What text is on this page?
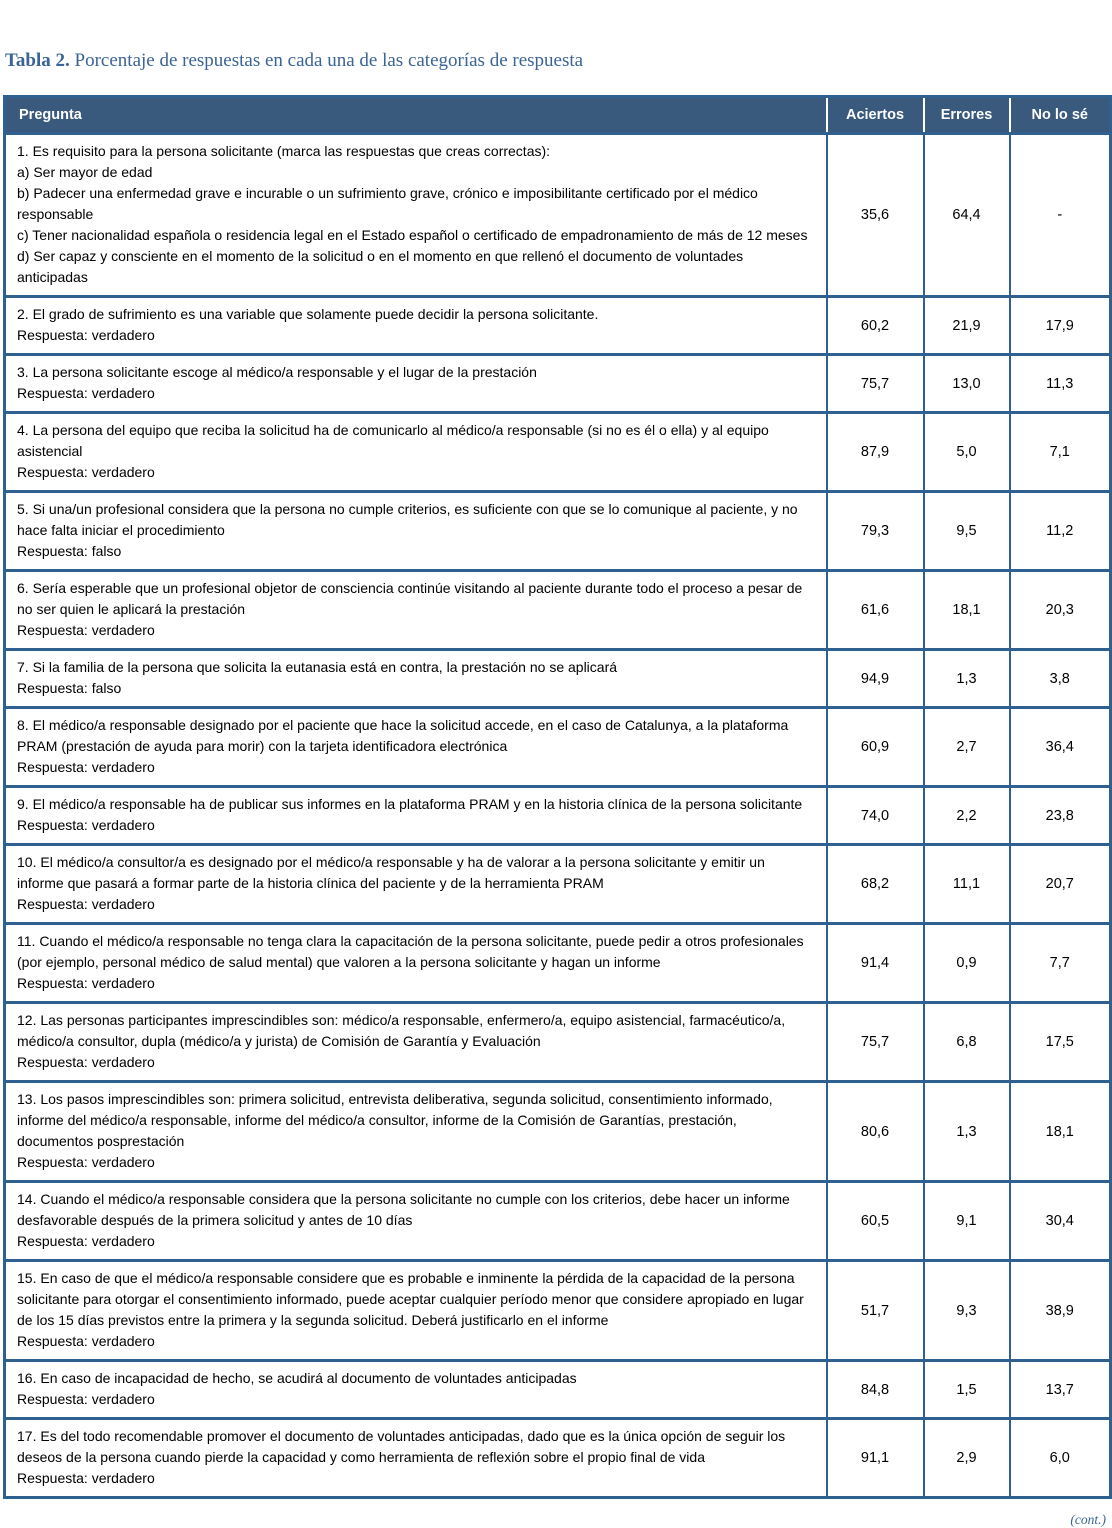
Tabla 2. Porcentaje de respuestas en cada una de las categorías de respuesta

Pregunta	Aciertos	Errores	No lo sé

1. Es requisito para la persona solicitante (marca las respuestas que creas correctas):
a) Ser mayor de edad
b) Padecer una enfermedad grave e incurable o un sufrimiento grave, crónico e imposibilitante certificado por el médico responsable
c) Tener nacionalidad española o residencia legal en el Estado español o certificado de empadronamiento de más de 12 meses
d) Ser capaz y consciente en el momento de la solicitud o en el momento en que rellenó el documento de voluntades anticipadas	35,6	64,4	-

2. El grado de sufrimiento es una variable que solamente puede decidir la persona solicitante.
Respuesta: verdadero	60,2	21,9	17,9

3. La persona solicitante escoge al médico/a responsable y el lugar de la prestación
Respuesta: verdadero	75,7	13,0	11,3

4. La persona del equipo que reciba la solicitud ha de comunicarlo al médico/a responsable (si no es él o ella) y al equipo asistencial
Respuesta: verdadero	87,9	5,0	7,1

5. Si una/un profesional considera que la persona no cumple criterios, es suficiente con que se lo comunique al paciente, y no hace falta iniciar el procedimiento
Respuesta: falso	79,3	9,5	11,2

6. Sería esperable que un profesional objetor de consciencia continúe visitando al paciente durante todo el proceso a pesar de no ser quien le aplicará la prestación
Respuesta: verdadero	61,6	18,1	20,3

7. Si la familia de la persona que solicita la eutanasia está en contra, la prestación no se aplicará
Respuesta: falso	94,9	1,3	3,8

8. El médico/a responsable designado por el paciente que hace la solicitud accede, en el caso de Catalunya, a la plataforma PRAM (prestación de ayuda para morir) con la tarjeta identificadora electrónica
Respuesta: verdadero	60,9	2,7	36,4

9. El médico/a responsable ha de publicar sus informes en la plataforma PRAM y en la historia clínica de la persona solicitante
Respuesta: verdadero	74,0	2,2	23,8

10. El médico/a consultor/a es designado por el médico/a responsable y ha de valorar a la persona solicitante y emitir un informe que pasará a formar parte de la historia clínica del paciente y de la herramienta PRAM
Respuesta: verdadero	68,2	11,1	20,7

11. Cuando el médico/a responsable no tenga clara la capacitación de la persona solicitante, puede pedir a otros profesionales (por ejemplo, personal médico de salud mental) que valoren a la persona solicitante y hagan un informe
Respuesta: verdadero	91,4	0,9	7,7

12. Las personas participantes imprescindibles son: médico/a responsable, enfermero/a, equipo asistencial, farmacéutico/a, médico/a consultor, dupla (médico/a y jurista) de Comisión de Garantía y Evaluación
Respuesta: verdadero	75,7	6,8	17,5

13. Los pasos imprescindibles son: primera solicitud, entrevista deliberativa, segunda solicitud, consentimiento informado, informe del médico/a responsable, informe del médico/a consultor, informe de la Comisión de Garantías, prestación, documentos posprestación
Respuesta: verdadero	80,6	1,3	18,1

14. Cuando el médico/a responsable considera que la persona solicitante no cumple con los criterios, debe hacer un informe desfavorable después de la primera solicitud y antes de 10 días
Respuesta: verdadero	60,5	9,1	30,4

15. En caso de que el médico/a responsable considere que es probable e inminente la pérdida de la capacidad de la persona solicitante para otorgar el consentimiento informado, puede aceptar cualquier período menor que considere apropiado en lugar de los 15 días previstos entre la primera y la segunda solicitud. Deberá justificarlo en el informe
Respuesta: verdadero	51,7	9,3	38,9

16. En caso de incapacidad de hecho, se acudirá al documento de voluntades anticipadas
Respuesta: verdadero	84,8	1,5	13,7

17. Es del todo recomendable promover el documento de voluntades anticipadas, dado que es la única opción de seguir los deseos de la persona cuando pierde la capacidad y como herramienta de reflexión sobre el propio final de vida
Respuesta: verdadero	91,1	2,9	6,0

(cont.)
